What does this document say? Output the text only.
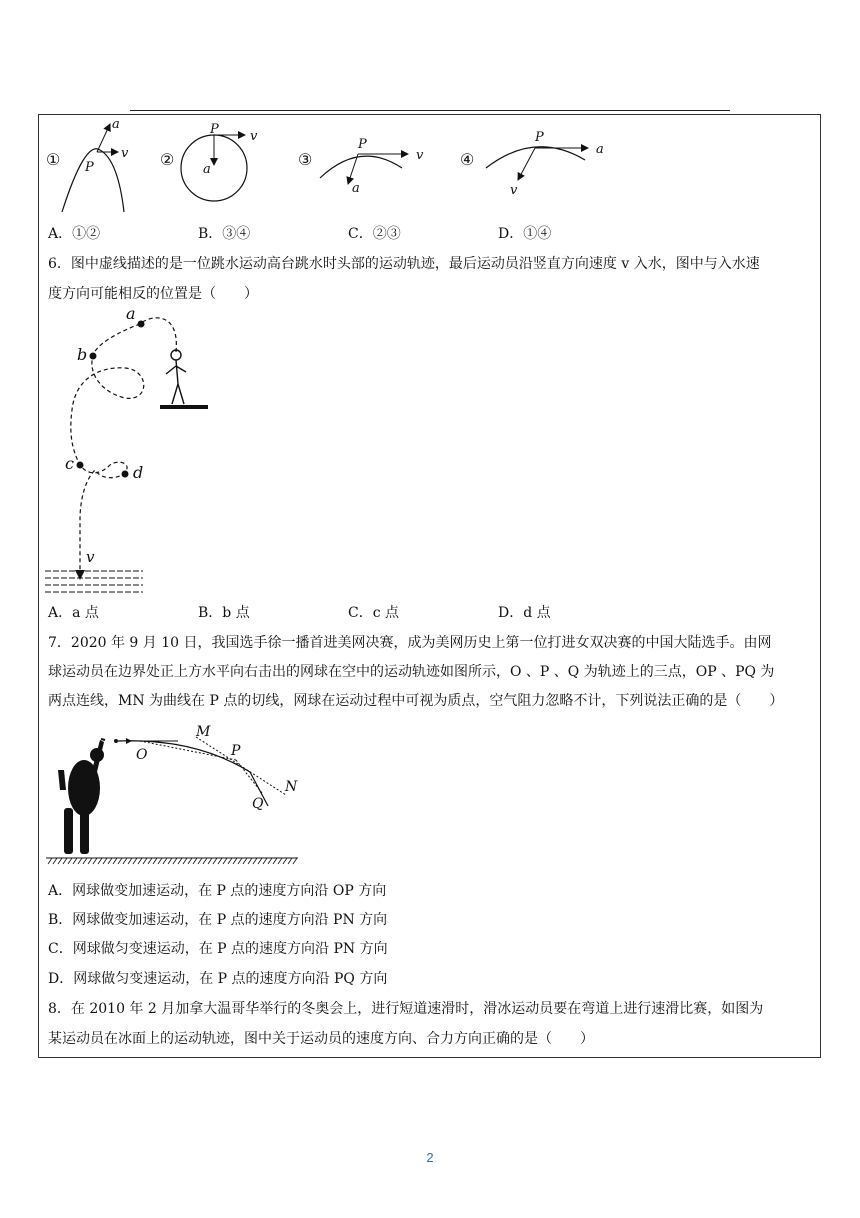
①
a
v
P	②
P v
a
③
P
v
a
④
P
a
v
A．①②	B．③④	C．②③	D．①④
6．图中虚线描述的是一位跳水运动高台跳水时头部的运动轨迹，最后运动员沿竖直方向速度 v 入水，图中与入水速
度方向可能相反的位置是（　　）
a
b
c	d
v
A．a 点	B．b 点	C．c 点	D．d 点
7．2020 年 9 月 10 日，我国选手徐一播首进美网决赛，成为美网历史上第一位打进女双决赛的中国大陆选手。由网
球运动员在边界处正上方水平向右击出的网球在空中的运动轨迹如图所示，O 、P 、Q 为轨迹上的三点，OP 、PQ 为
两点连线，MN 为曲线在 P 点的切线，网球在运动过程中可视为质点，空气阻力忽略不计，下列说法正确的是（　　）
O
M
P
N
Q
A．网球做变加速运动，在 P 点的速度方向沿 OP 方向
B．网球做变加速运动，在 P 点的速度方向沿 PN 方向
C．网球做匀变速运动，在 P 点的速度方向沿 PN 方向
D．网球做匀变速运动，在 P 点的速度方向沿 PQ 方向
8．在 2010 年 2 月加拿大温哥华举行的冬奥会上，进行短道速滑时，滑冰运动员要在弯道上进行速滑比赛，如图为
某运动员在冰面上的运动轨迹，图中关于运动员的速度方向、合力方向正确的是（　　）
2
